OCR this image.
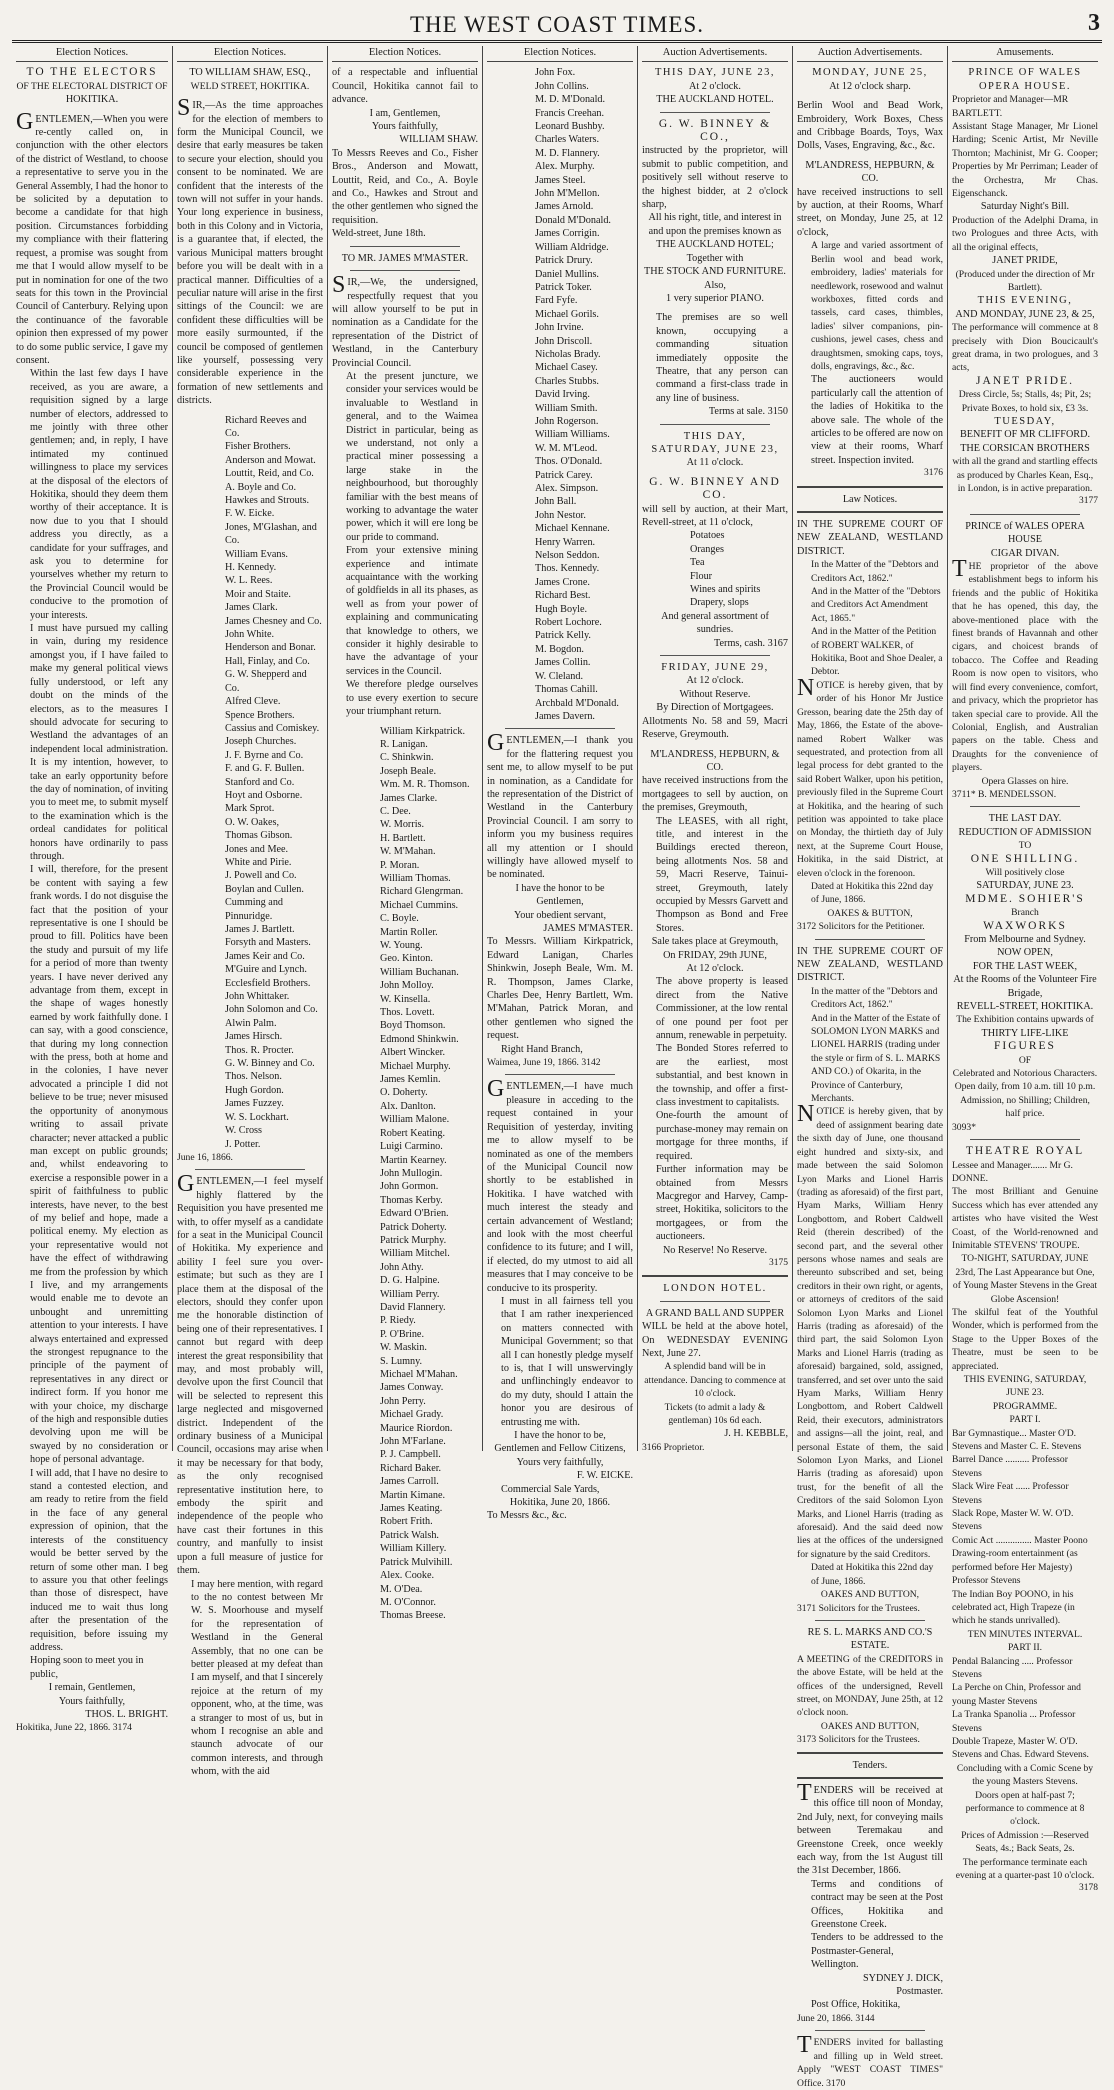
THE WEST COAST TIMES.	3
Election Notices.

TO THE ELECTORS

OF THE ELECTORAL DISTRICT OF

HOKITIKA.

GENTLEMEN,—When you were re-cently called on, in conjunction with the other electors of the district of Westland, to choose a representative to serve you in the General Assembly, I had the honor to be solicited by a deputation to become a candidate for that high position. Circumstances forbidding my compliance with their flattering request, a promise was sought from me that I would allow myself to be put in nomination for one of the two seats for this town in the Provincial Council of Canterbury. Relying upon the continuance of the favorable opinion then expressed of my power to do some public service, I gave my consent.

Within the last few days I have received, as you are aware, a requisition signed by a large number of electors, addressed to me jointly with three other gentlemen; and, in reply, I have intimated my continued willingness to place my services at the disposal of the electors of Hokitika, should they deem them worthy of their acceptance. It is now due to you that I should address you directly, as a candidate for your suffrages, and ask you to determine for yourselves whether my return to the Provincial Council would be conducive to the promotion of your interests.

I must have pursued my calling in vain, during my residence amongst you, if I have failed to make my general political views fully understood, or left any doubt on the minds of the electors, as to the measures I should advocate for securing to Westland the advantages of an independent local administration. It is my intention, however, to take an early opportunity before the day of nomination, of inviting you to meet me, to submit myself to the examination which is the ordeal candidates for political honors have ordinarily to pass through.

I will, therefore, for the present be content with saying a few frank words. I do not disguise the fact that the position of your representative is one I should be proud to fill. Politics have been the study and pursuit of my life for a period of more than twenty years. I have never derived any advantage from them, except in the shape of wages honestly earned by work faithfully done. I can say, with a good conscience, that during my long connection with the press, both at home and in the colonies, I have never advocated a principle I did not believe to be true; never misused the opportunity of anonymous writing to assail private character; never attacked a public man except on public grounds; and, whilst endeavoring to exercise a responsible power in a spirit of faithfulness to public interests, have never, to the best of my belief and hope, made a political enemy. My election as your representative would not have the effect of withdrawing me from the profession by which I live, and my arrangements would enable me to devote an unbought and unremitting attention to your interests. I have always entertained and expressed the strongest repugnance to the principle of the payment of representatives in any direct or indirect form. If you honor me with your choice, my discharge of the high and responsible duties devolving upon me will be swayed by no consideration or hope of personal advantage.

I will add, that I have no desire to stand a contested election, and am ready to retire from the field in the face of any general expression of opinion, that the interests of the constituency would be better served by the return of some other man. I beg to assure you that other feelings than those of disrespect, have induced me to wait thus long after the presentation of the requisition, before issuing my address.

Hoping soon to meet you in public,

I remain, Gentlemen,

Yours faithfully,

THOS. L. BRIGHT.

Hokitika, June 22, 1866. 3174

Election Notices.

TO WILLIAM SHAW, ESQ.,

WELD STREET, HOKITIKA.

SIR,—As the time approaches for the election of members to form the Municipal Council, we desire that early measures be taken to secure your election, should you consent to be nominated. We are confident that the interests of the town will not suffer in your hands. Your long experience in business, both in this Colony and in Victoria, is a guarantee that, if elected, the various Municipal matters brought before you will be dealt with in a practical manner. Difficulties of a peculiar nature will arise in the first sittings of the Council: we are confident these difficulties will be more easily surmounted, if the council be composed of gentlemen like yourself, possessing very considerable experience in the formation of new settlements and districts.

Richard Reeves and Co.

Fisher Brothers.

Anderson and Mowat.

Louttit, Reid, and Co.

A. Boyle and Co.

Hawkes and Strouts.

F. W. Eicke.

Jones, M'Glashan, and Co.

William Evans.

H. Kennedy.

W. L. Rees.

Moir and Staite.

James Clark.

James Chesney and Co.

John White.

Henderson and Bonar.

Hall, Finlay, and Co.

G. W. Shepperd and Co.

Alfred Cleve.

Spence Brothers.

Cassius and Comiskey.

Joseph Churches.

J. F. Byrne and Co.

F. and G. F. Bullen.

Stanford and Co.

Hoyt and Osborne.

Mark Sprot.

O. W. Oakes,

Thomas Gibson.

Jones and Mee.

White and Pirie.

J. Powell and Co.

Boylan and Cullen.

Cumming and Pinnuridge.

James J. Bartlett.

Forsyth and Masters.

James Keir and Co.

M'Guire and Lynch.

Ecclesfield Brothers.

John Whittaker.

John Solomon and Co.

Alwin Palm.

James Hirsch.

Thos. R. Procter.

G. W. Binney and Co.

Thos. Nelson.

Hugh Gordon.

James Fuzzey.

W. S. Lockhart.

W. Cross

J. Potter.

June 16, 1866.

GENTLEMEN,—I feel myself highly flattered by the Requisition you have presented me with, to offer myself as a candidate for a seat in the Municipal Council of Hokitika. My experience and ability I feel sure you over-estimate; but such as they are I place them at the disposal of the electors, should they confer upon me the honorable distinction of being one of their representatives. I cannot but regard with deep interest the great responsibility that may, and most probably will, devolve upon the first Council that will be selected to represent this large neglected and misgoverned district. Independent of the ordinary business of a Municipal Council, occasions may arise when it may be necessary for that body, as the only recognised representative institution here, to embody the spirit and independence of the people who have cast their fortunes in this country, and manfully to insist upon a full measure of justice for them.

I may here mention, with regard to the no contest between Mr W. S. Moorhouse and myself for the representation of Westland in the General Assembly, that no one can be better pleased at my defeat than I am myself, and that I sincerely rejoice at the return of my opponent, who, at the time, was a stranger to most of us, but in whom I recognise an able and staunch advocate of our common interests, and through whom, with the aid

Election Notices.

of a respectable and influential Council, Hokitika cannot fail to advance.

I am, Gentlemen,

Yours faithfully,

WILLIAM SHAW.

To Messrs Reeves and Co., Fisher Bros., Anderson and Mowatt, Louttit, Reid, and Co., A. Boyle and Co., Hawkes and Strout and the other gentlemen who signed the requisition.

Weld-street, June 18th.

TO MR. JAMES M'MASTER.

SIR,—We, the undersigned, respectfully request that you will allow yourself to be put in nomination as a Candidate for the representation of the District of Westland, in the Canterbury Provincial Council.

At the present juncture, we consider your services would be invaluable to Westland in general, and to the Waimea District in particular, being as we understand, not only a practical miner possessing a large stake in the neighbourhood, but thoroughly familiar with the best means of working to advantage the water power, which it will ere long be our pride to command.

From your extensive mining experience and intimate acquaintance with the working of goldfields in all its phases, as well as from your power of explaining and communicating that knowledge to others, we consider it highly desirable to have the advantage of your services in the Council.

We therefore pledge ourselves to use every exertion to secure your triumphant return.

William Kirkpatrick.

R. Lanigan.

C. Shinkwin.

Joseph Beale.

Wm. M. R. Thomson.

James Clarke.

C. Dee.

W. Morris.

H. Bartlett.

W. M'Mahan.

P. Moran.

William Thomas.

Richard Glengrman.

Michael Cummins.

C. Boyle.

Martin Roller.

W. Young.

Geo. Kinton.

William Buchanan.

John Molloy.

W. Kinsella.

Thos. Lovett.

Boyd Thomson.

Edmond Shinkwin.

Albert Wincker.

Michael Murphy.

James Kemlin.

O. Doherty.

Alx. Danlton.

William Malone.

Robert Keating.

Luigi Carmino.

Martin Kearney.

John Mullogin.

John Gormon.

Thomas Kerby.

Edward O'Brien.

Patrick Doherty.

Patrick Murphy.

William Mitchel.

John Athy.

D. G. Halpine.

William Perry.

David Flannery.

P. Riedy.

P. O'Brine.

W. Maskin.

S. Lumny.

Michael M'Mahan.

James Conway.

John Perry.

Michael Grady.

Maurice Riordon.

John M'Farlane.

P. J. Campbell.

Richard Baker.

James Carroll.

Martin Kimane.

James Keating.

Robert Frith.

Patrick Walsh.

William Killery.

Patrick Mulvihill.

Alex. Cooke.

M. O'Dea.

M. O'Connor.

Thomas Breese.

Election Notices.

John Fox.

John Collins.

M. D. M'Donald.

Francis Creehan.

Leonard Bushby.

Charles Waters.

M. D. Flannery.

Alex. Murphy.

James Steel.

John M'Mellon.

James Arnold.

Donald M'Donald.

James Corrigin.

William Aldridge.

Patrick Drury.

Daniel Mullins.

Patrick Toker.

Fard Fyfe.

Michael Gorils.

John Irvine.

John Driscoll.

Nicholas Brady.

Michael Casey.

Charles Stubbs.

David Irving.

William Smith.

John Rogerson.

William Williams.

W. M. M'Leod.

Thos. O'Donald.

Patrick Carey.

Alex. Simpson.

John Ball.

John Nestor.

Michael Kennane.

Henry Warren.

Nelson Seddon.

Thos. Kennedy.

James Crone.

Richard Best.

Hugh Boyle.

Robert Lochore.

Patrick Kelly.

M. Bogdon.

James Collin.

W. Cleland.

Thomas Cahill.

Archbald M'Donald.

James Davern.

GENTLEMEN,—I thank you for the flattering request you sent me, to allow myself to be put in nomination, as a Candidate for the representation of the District of Westland in the Canterbury Provincial Council. I am sorry to inform you my business requires all my attention or I should willingly have allowed myself to be nominated.

I have the honor to be

Gentlemen,

Your obedient servant,

JAMES M'MASTER.

To Messrs. William Kirkpatrick, Edward Lanigan, Charles Shinkwin, Joseph Beale, Wm. M. R. Thompson, James Clarke, Charles Dee, Henry Bartlett, Wm. M'Mahan, Patrick Moran, and other gentlemen who signed the request.

Right Hand Branch,

Waimea, June 19, 1866. 3142

GENTLEMEN,—I have much pleasure in acceding to the request contained in your Requisition of yesterday, inviting me to allow myself to be nominated as one of the members of the Municipal Council now shortly to be established in Hokitika. I have watched with much interest the steady and certain advancement of Westland; and look with the most cheerful confidence to its future; and I will, if elected, do my utmost to aid all measures that I may conceive to be conducive to its prosperity.

I must in all fairness tell you that I am rather inexperienced on matters connected with Municipal Government; so that all I can honestly pledge myself to is, that I will unswervingly and unflinchingly endeavor to do my duty, should I attain the honor you are desirous of entrusting me with.

I have the honor to be,

Gentlemen and Fellow Citizens,

Yours very faithfully,

F. W. EICKE.

Commercial Sale Yards,

Hokitika, June 20, 1866.

To Messrs &c., &c.

Auction Advertisements.

THIS DAY, JUNE 23,

At 2 o'clock.

THE AUCKLAND HOTEL.

G. W. BINNEY & CO.,

instructed by the proprietor, will submit to public competition, and positively sell without reserve to the highest bidder, at 2 o'clock sharp,

All his right, title, and interest in and upon the premises known as

THE AUCKLAND HOTEL;

Together with

THE STOCK AND FURNITURE.

Also,

1 very superior PIANO.

The premises are so well known, occupying a commanding situation immediately opposite the Theatre, that any person can command a first-class trade in any line of business.

Terms at sale. 3150

THIS DAY,

SATURDAY, JUNE 23,

At 11 o'clock.

G. W. BINNEY AND CO.

will sell by auction, at their Mart, Revell-street, at 11 o'clock,

Potatoes

Oranges

Tea

Flour

Wines and spirits

Drapery, slops

And general assortment of sundries.

Terms, cash. 3167

FRIDAY, JUNE 29,

At 12 o'clock.

Without Reserve.

By Direction of Mortgagees.

Allotments No. 58 and 59, Macri Reserve, Greymouth.

M'LANDRESS, HEPBURN, & CO.

have received instructions from the mortgagees to sell by auction, on the premises, Greymouth,

The LEASES, with all right, title, and interest in the Buildings erected thereon, being allotments Nos. 58 and 59, Macri Reserve, Tainui-street, Greymouth, lately occupied by Messrs Garvett and Thompson as Bond and Free Stores.

Sale takes place at Greymouth,

On FRIDAY, 29th JUNE,

At 12 o'clock.

The above property is leased direct from the Native Commissioner, at the low rental of one pound per foot per annum, renewable in perpetuity.

The Bonded Stores referred to are the earliest, most substantial, and best known in the township, and offer a first-class investment to capitalists.

One-fourth the amount of purchase-money may remain on mortgage for three months, if required.

Further information may be obtained from Messrs Macgregor and Harvey, Camp-street, Hokitika, solicitors to the mortgagees, or from the auctioneers.

No Reserve! No Reserve.

3175

LONDON HOTEL.

A GRAND BALL AND SUPPER

WILL be held at the above hotel, On WEDNESDAY EVENING Next, June 27.

A splendid band will be in attendance. Dancing to commence at 10 o'clock.

Tickets (to admit a lady & gentleman) 10s 6d each.

J. H. KEBBLE,

3166 Proprietor.

Auction Advertisements.

MONDAY, JUNE 25,

At 12 o'clock sharp.

Berlin Wool and Bead Work, Embroidery, Work Boxes, Chess and Cribbage Boards, Toys, Wax Dolls, Vases, Engraving, &c., &c.

M'LANDRESS, HEPBURN, & CO.

have received instructions to sell by auction, at their Rooms, Wharf street, on Monday, June 25, at 12 o'clock,

A large and varied assortment of Berlin wool and bead work, embroidery, ladies' materials for needlework, rosewood and walnut workboxes, fitted cords and tassels, card cases, thimbles, ladies' silver companions, pin-cushions, jewel cases, chess and draughtsmen, smoking caps, toys, dolls, engravings, &c., &c.

The auctioneers would particularly call the attention of the ladies of Hokitika to the above sale. The whole of the articles to be offered are now on view at their rooms, Wharf street. Inspection invited.

3176

Law Notices.

IN THE SUPREME COURT OF NEW ZEALAND, WESTLAND DISTRICT.

In the Matter of the "Debtors and Creditors Act, 1862."

And in the Matter of the "Debtors and Creditors Act Amendment Act, 1865."

And in the Matter of the Petition of ROBERT WALKER, of Hokitika, Boot and Shoe Dealer, a Debtor.

NOTICE is hereby given, that by order of his Honor Mr Justice Gresson, bearing date the 25th day of May, 1866, the Estate of the above-named Robert Walker was sequestrated, and protection from all legal process for debt granted to the said Robert Walker, upon his petition, previously filed in the Supreme Court at Hokitika, and the hearing of such petition was appointed to take place on Monday, the thirtieth day of July next, at the Supreme Court House, Hokitika, in the said District, at eleven o'clock in the forenoon.

Dated at Hokitika this 22nd day of June, 1866.

OAKES & BUTTON,

3172 Solicitors for the Petitioner.

IN THE SUPREME COURT OF NEW ZEALAND, WESTLAND DISTRICT.

In the matter of the "Debtors and Creditors Act, 1862."

And in the Matter of the Estate of SOLOMON LYON MARKS and LIONEL HARRIS (trading under the style or firm of S. L. MARKS AND CO.) of Okarita, in the Province of Canterbury, Merchants.

NOTICE is hereby given, that by deed of assignment bearing date the sixth day of June, one thousand eight hundred and sixty-six, and made between the said Solomon Lyon Marks and Lionel Harris (trading as aforesaid) of the first part, Hyam Marks, William Henry Longbottom, and Robert Caldwell Reid (therein described) of the second part, and the several other persons whose names and seals are thereunto subscribed and set, being creditors in their own right, or agents, or attorneys of creditors of the said Solomon Lyon Marks and Lionel Harris (trading as aforesaid) of the third part, the said Solomon Lyon Marks and Lionel Harris (trading as aforesaid) bargained, sold, assigned, transferred, and set over unto the said Hyam Marks, William Henry Longbottom, and Robert Caldwell Reid, their executors, administrators and assigns—all the joint, real, and personal Estate of them, the said Solomon Lyon Marks, and Lionel Harris (trading as aforesaid) upon trust, for the benefit of all the Creditors of the said Solomon Lyon Marks, and Lionel Harris (trading as aforesaid). And the said deed now lies at the offices of the undersigned for signature by the said Creditors.

Dated at Hokitika this 22nd day of June, 1866.

OAKES AND BUTTON,

3171 Solicitors for the Trustees.

RE S. L. MARKS AND CO.'S ESTATE.

A MEETING of the CREDITORS in the above Estate, will be held at the offices of the undersigned, Revell street, on MONDAY, June 25th, at 12 o'clock noon.

OAKES AND BUTTON,

3173 Solicitors for the Trustees.

Tenders.

TENDERS will be received at this office till noon of Monday, 2nd July, next, for conveying mails between Teremakau and Greenstone Creek, once weekly each way, from the 1st August till the 31st December, 1866.

Terms and conditions of contract may be seen at the Post Offices, Hokitika and Greenstone Creek.

Tenders to be addressed to the Postmaster-General, Wellington.

SYDNEY J. DICK,

Postmaster.

Post Office, Hokitika,

June 20, 1866. 3144

TENDERS invited for ballasting and filling up in Weld street. Apply "WEST COAST TIMES" Office. 3170

Amusements.

PRINCE OF WALES OPERA HOUSE.

Proprietor and Manager—MR BARTLETT.

Assistant Stage Manager, Mr Lionel Harding; Scenic Artist, Mr Neville Thornton; Machinist, Mr G. Cooper; Properties by Mr Perriman; Leader of the Orchestra, Mr Chas. Eigenschanck.

Saturday Night's Bill.

Production of the Adelphi Drama, in two Prologues and three Acts, with all the original effects,

JANET PRIDE,

(Produced under the direction of Mr Bartlett).

THIS EVENING,

AND MONDAY, JUNE 23, & 25,

The performance will commence at 8 precisely with Dion Boucicault's great drama, in two prologues, and 3 acts,

JANET PRIDE.

Dress Circle, 5s; Stalls, 4s; Pit, 2s; Private Boxes, to hold six, £3 3s.

TUESDAY,

BENEFIT OF MR CLIFFORD.

THE CORSICAN BROTHERS

with all the grand and startling effects as produced by Charles Kean, Esq., in London, is in active preparation.

3177

PRINCE of WALES OPERA HOUSE

CIGAR DIVAN.

THE proprietor of the above establishment begs to inform his friends and the public of Hokitika that he has opened, this day, the above-mentioned place with the finest brands of Havannah and other cigars, and choicest brands of tobacco. The Coffee and Reading Room is now open to visitors, who will find every convenience, comfort, and privacy, which the proprietor has taken special care to provide. All the Colonial, English, and Australian papers on the table. Chess and Draughts for the convenience of players.

Opera Glasses on hire.

3711* B. MENDELSSON.

THE LAST DAY.

REDUCTION OF ADMISSION

TO

ONE SHILLING.

Will positively close

SATURDAY, JUNE 23.

MDME. SOHIER'S

Branch

WAXWORKS

From Melbourne and Sydney.

NOW OPEN,

FOR THE LAST WEEK,

At the Rooms of the Volunteer Fire Brigade,

REVELL-STREET, HOKITIKA.

The Exhibition contains upwards of

THIRTY LIFE-LIKE

FIGURES

OF

Celebrated and Notorious Characters.

Open daily, from 10 a.m. till 10 p.m.

Admission, no Shilling; Children, half price.

3093*

THEATRE ROYAL

Lessee and Manager....... Mr G. DONNE.

The most Brilliant and Genuine Success which has ever attended any artistes who have visited the West Coast, of the World-renowned and Inimitable STEVENS' TROUPE.

TO-NIGHT, SATURDAY, JUNE 23rd, The Last Appearance but One, of Young Master Stevens in the Great Globe Ascension!

The skilful feat of the Youthful Wonder, which is performed from the Stage to the Upper Boxes of the Theatre, must be seen to be appreciated.

THIS EVENING, SATURDAY, JUNE 23.

PROGRAMME.

PART I.

Bar Gymnastique... Master O'D. Stevens and Master C. E. Stevens

Barrel Dance .......... Professor Stevens

Slack Wire Feat ...... Professor Stevens

Slack Rope, Master W. W. O'D. Stevens

Comic Act ............... Master Poono

Drawing-room entertainment (as performed before Her Majesty) Professor Stevens

The Indian Boy POONO, in his celebrated act, High Trapeze (in which he stands unrivalled).

TEN MINUTES INTERVAL.

PART II.

Pendal Balancing ..... Professor Stevens

La Perche on Chin, Professor and young Master Stevens

La Tranka Spanolia ... Professor Stevens

Double Trapeze, Master W. O'D. Stevens and Chas. Edward Stevens.

Concluding with a Comic Scene by the young Masters Stevens.

Doors open at half-past 7; performance to commence at 8 o'clock.

Prices of Admission :—Reserved Seats, 4s.; Back Seats, 2s.

The performance terminate each evening at a quarter-past 10 o'clock.

3178
